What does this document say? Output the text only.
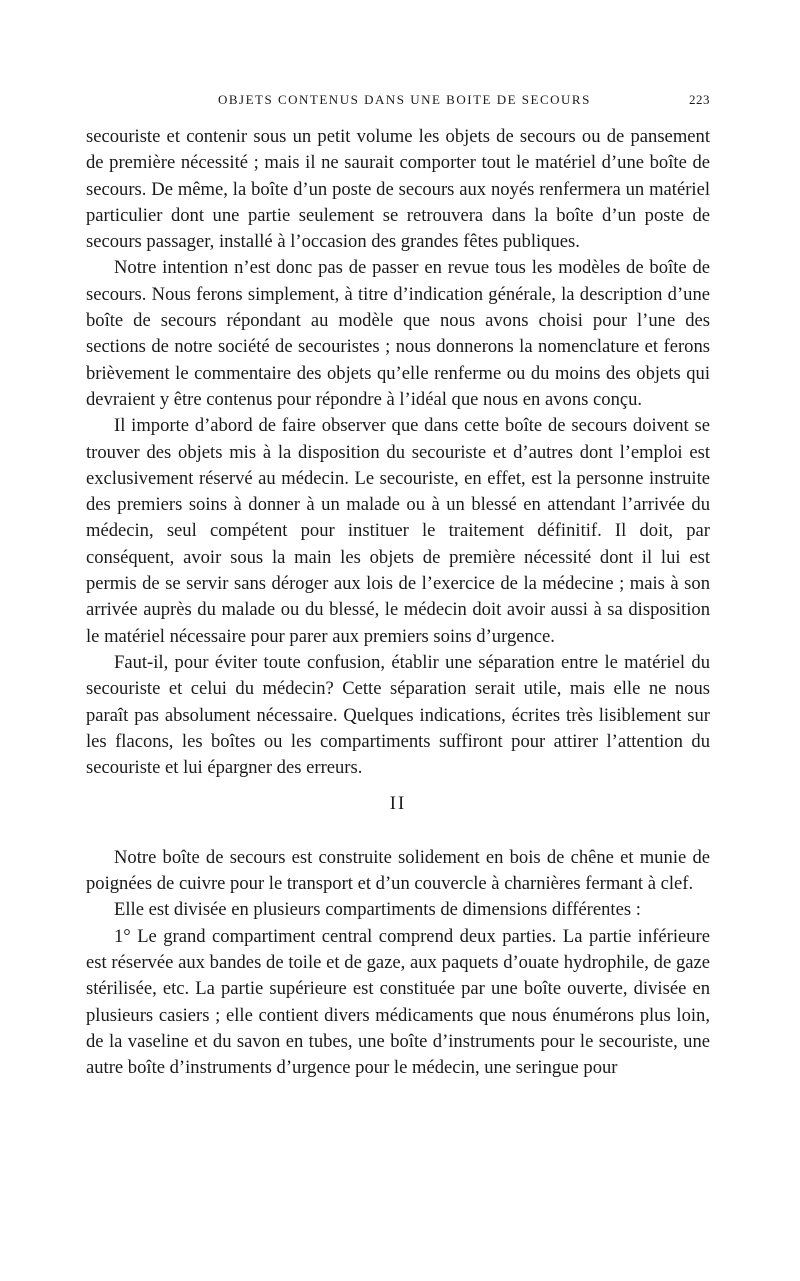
OBJETS CONTENUS DANS UNE BOITE DE SECOURS	223

secouriste et contenir sous un petit volume les objets de secours ou de pansement de première nécessité ; mais il ne saurait comporter tout le matériel d’une boîte de secours. De même, la boîte d’un poste de secours aux noyés renfermera un matériel particulier dont une partie seulement se retrouvera dans la boîte d’un poste de secours passager, installé à l’occasion des grandes fêtes publiques.

Notre intention n’est donc pas de passer en revue tous les modèles de boîte de secours. Nous ferons simplement, à titre d’indication générale, la description d’une boîte de secours répondant au modèle que nous avons choisi pour l’une des sections de notre société de secouristes ; nous donnerons la nomenclature et ferons brièvement le commentaire des objets qu’elle renferme ou du moins des objets qui devraient y être contenus pour répondre à l’idéal que nous en avons conçu.

Il importe d’abord de faire observer que dans cette boîte de secours doivent se trouver des objets mis à la disposition du secouriste et d’autres dont l’emploi est exclusivement réservé au médecin. Le secouriste, en effet, est la personne instruite des premiers soins à donner à un malade ou à un blessé en attendant l’arrivée du médecin, seul compétent pour instituer le traitement définitif. Il doit, par conséquent, avoir sous la main les objets de première nécessité dont il lui est permis de se servir sans déroger aux lois de l’exercice de la médecine ; mais à son arrivée auprès du malade ou du blessé, le médecin doit avoir aussi à sa disposition le matériel nécessaire pour parer aux premiers soins d’urgence.

Faut-il, pour éviter toute confusion, établir une séparation entre le matériel du secouriste et celui du médecin? Cette séparation serait utile, mais elle ne nous paraît pas absolument nécessaire. Quelques indications, écrites très lisiblement sur les flacons, les boîtes ou les compartiments suffiront pour attirer l’attention du secouriste et lui épargner des erreurs.

II

Notre boîte de secours est construite solidement en bois de chêne et munie de poignées de cuivre pour le transport et d’un couvercle à charnières fermant à clef.

Elle est divisée en plusieurs compartiments de dimensions différentes :

1° Le grand compartiment central comprend deux parties. La partie inférieure est réservée aux bandes de toile et de gaze, aux paquets d’ouate hydrophile, de gaze stérilisée, etc. La partie supérieure est constituée par une boîte ouverte, divisée en plusieurs casiers ; elle contient divers médicaments que nous énumérons plus loin, de la vaseline et du savon en tubes, une boîte d’instruments pour le secouriste, une autre boîte d’instruments d’urgence pour le médecin, une seringue pour
